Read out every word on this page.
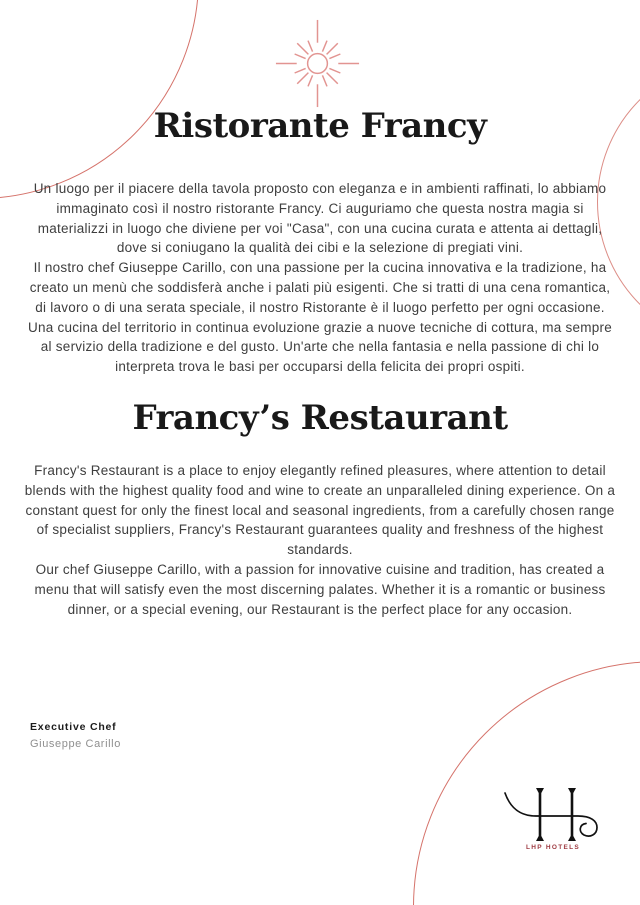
Ristorante Francy

Un luogo per il piacere della tavola proposto con eleganza e in ambienti raffinati, lo abbiamo immaginato così il nostro ristorante Francy. Ci auguriamo che questa nostra magia si materializzi in luogo che diviene per voi "Casa", con una cucina curata e attenta ai dettagli, dove si coniugano la qualità dei cibi e la selezione di pregiati vini.

Il nostro chef Giuseppe Carillo, con una passione per la cucina innovativa e la tradizione, ha creato un menù che soddisferà anche i palati più esigenti. Che si tratti di una cena romantica, di lavoro o di una serata speciale, il nostro Ristorante è il luogo perfetto per ogni occasione. Una cucina del territorio in continua evoluzione grazie a nuove tecniche di cottura, ma sempre al servizio della tradizione e del gusto. Un'arte che nella fantasia e nella passione di chi lo interpreta trova le basi per occuparsi della felicita dei propri ospiti.

Francy’s Restaurant

Francy's Restaurant is a place to enjoy elegantly refined pleasures, where attention to detail blends with the highest quality food and wine to create an unparalleled dining experience. On a constant quest for only the finest local and seasonal ingredients, from a carefully chosen range of specialist suppliers, Francy's Restaurant guarantees quality and freshness of the highest standards.

Our chef Giuseppe Carillo, with a passion for innovative cuisine and tradition, has created a menu that will satisfy even the most discerning palates. Whether it is a romantic or business dinner, or a special evening, our Restaurant is the perfect place for any occasion.

Executive Chef
Giuseppe Carillo
LHP HOTELS
